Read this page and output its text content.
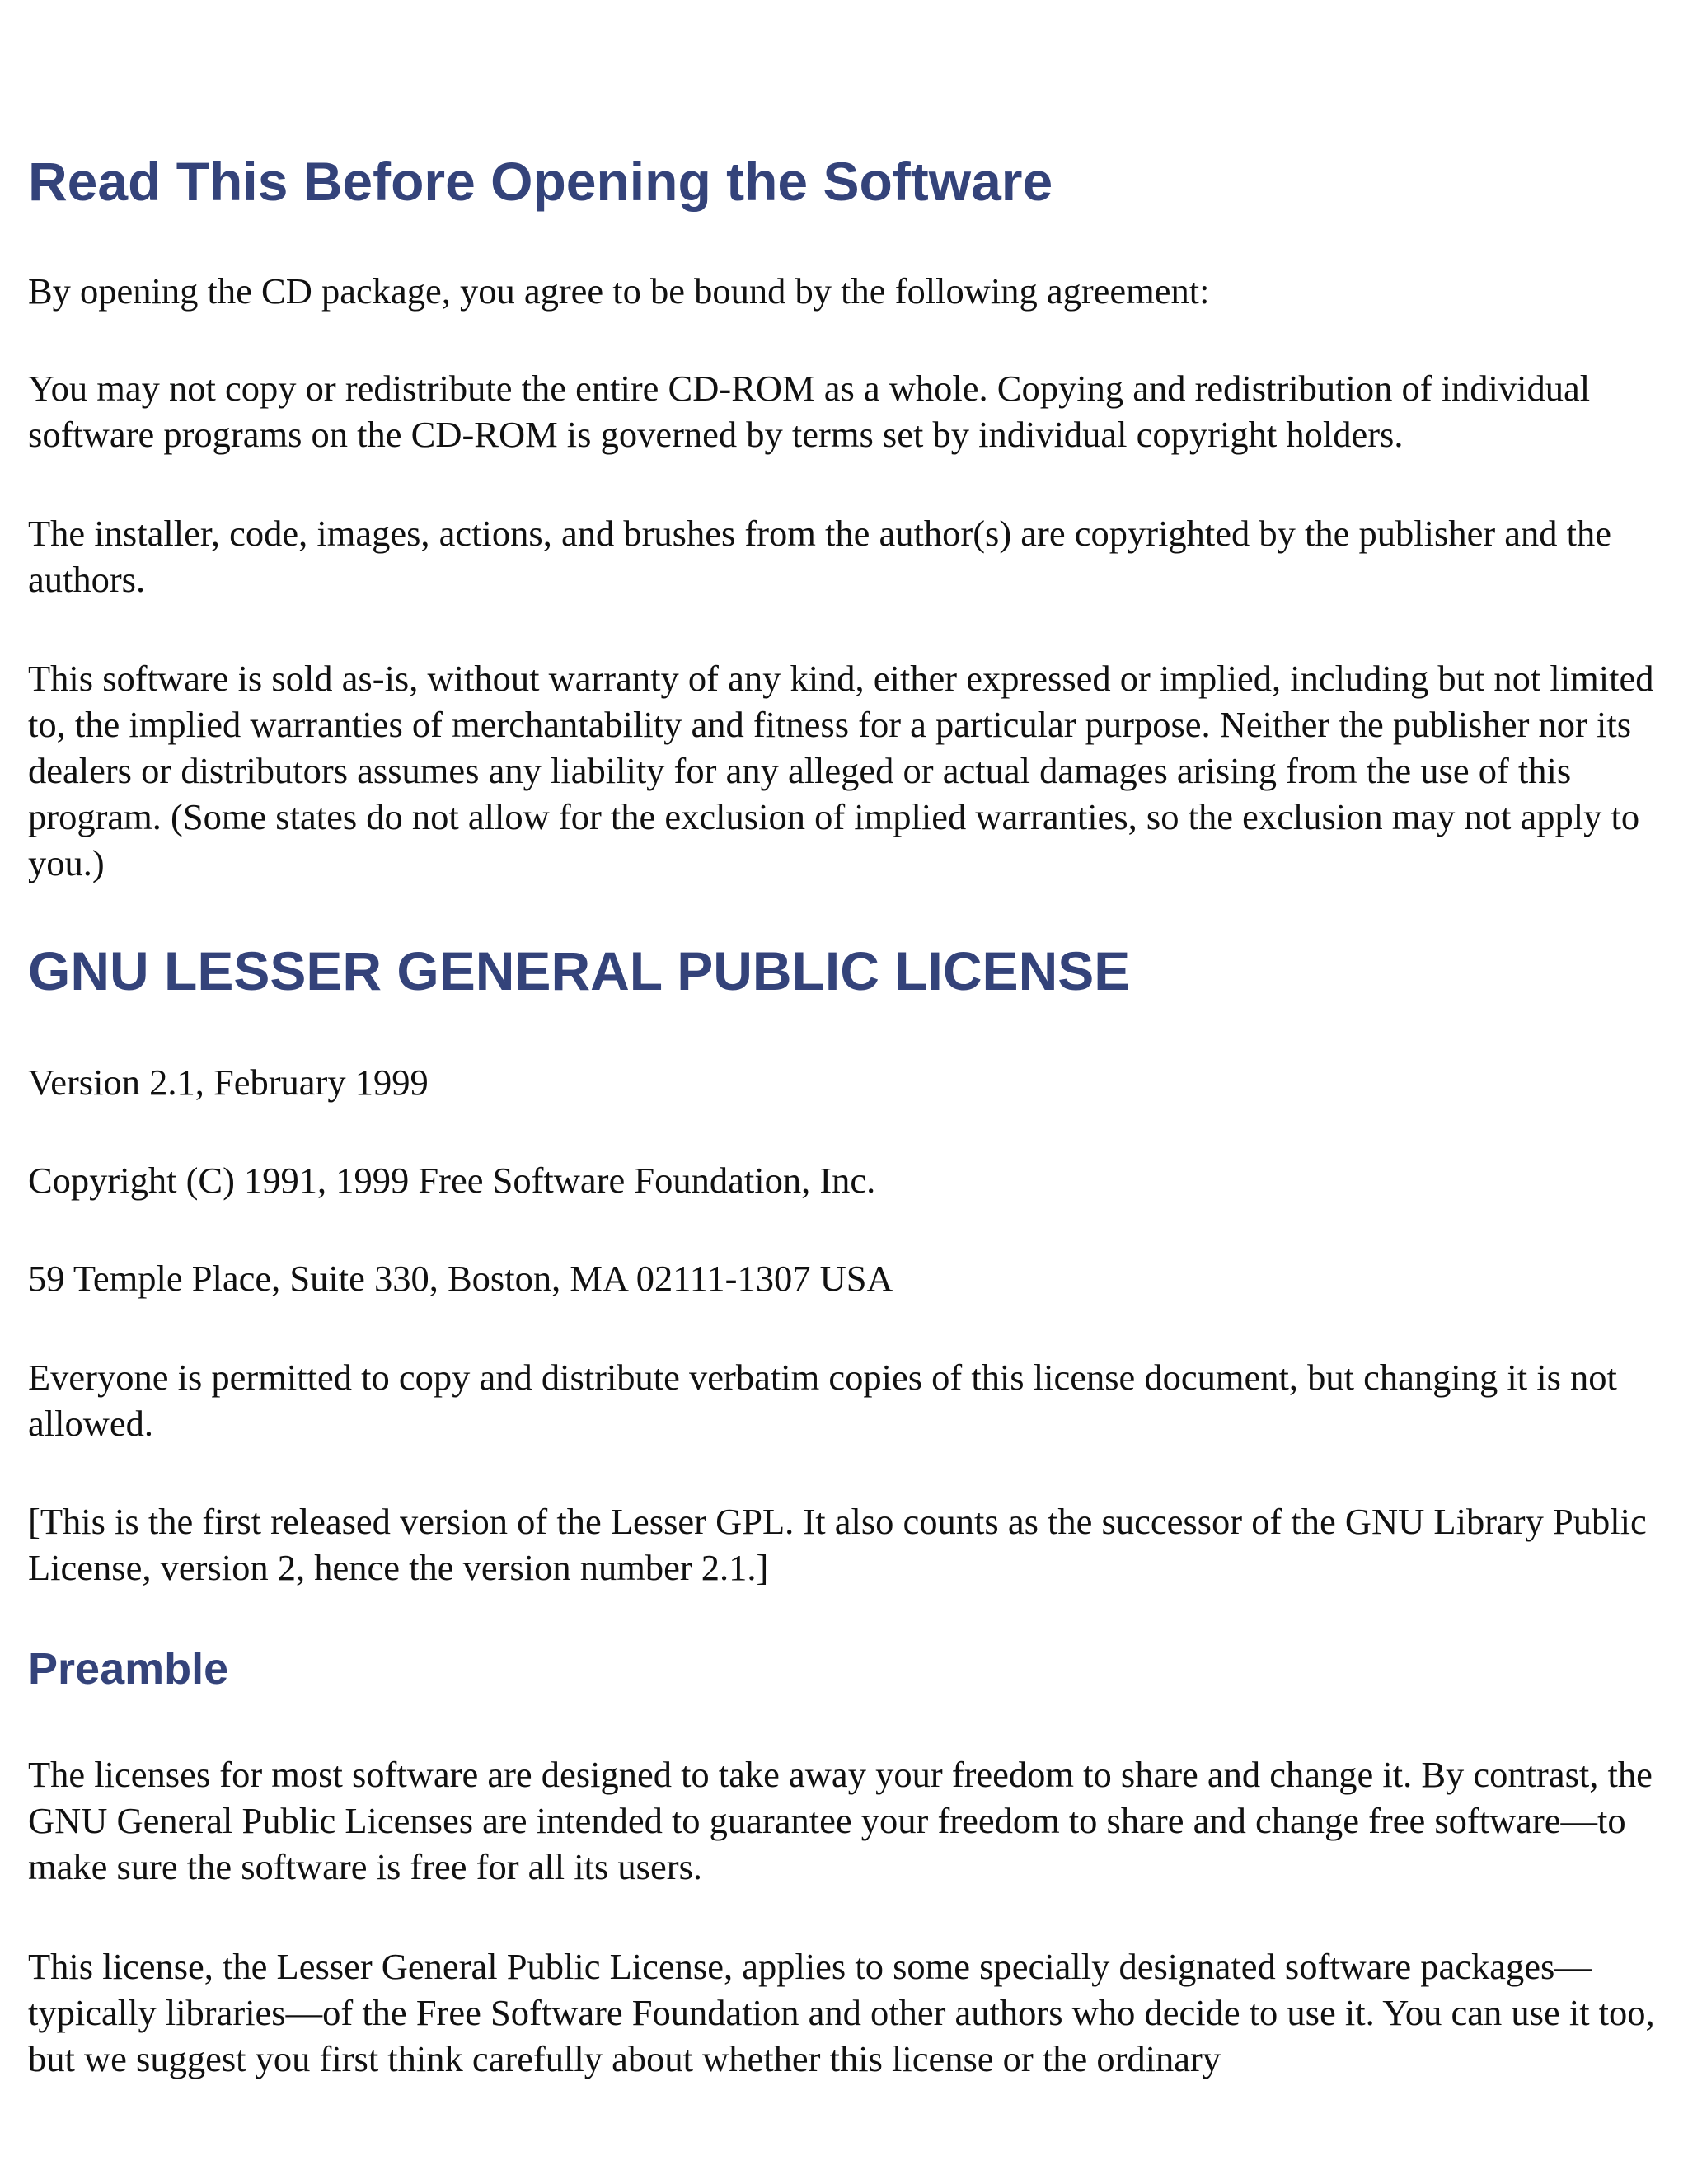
Read This Before Opening the Software

By opening the CD package, you agree to be bound by the following agreement:

You may not copy or redistribute the entire CD-ROM as a whole. Copying and redistribution of individual software programs on the CD-ROM is governed by terms set by individual copyright holders.

The installer, code, images, actions, and brushes from the author(s) are copyrighted by the publisher and the authors.

This software is sold as-is, without warranty of any kind, either expressed or implied, including but not limited to, the implied warranties of merchantability and fitness for a particular purpose. Neither the publisher nor its dealers or distributors assumes any liability for any alleged or actual damages arising from the use of this program. (Some states do not allow for the exclusion of implied warranties, so the exclusion may not apply to you.)

GNU LESSER GENERAL PUBLIC LICENSE

Version 2.1, February 1999

Copyright (C) 1991, 1999 Free Software Foundation, Inc.

59 Temple Place, Suite 330, Boston, MA 02111-1307 USA

Everyone is permitted to copy and distribute verbatim copies of this license document, but changing it is not allowed.

[This is the first released version of the Lesser GPL. It also counts as the successor of the GNU Library Public License, version 2, hence the version number 2.1.]

Preamble

The licenses for most software are designed to take away your freedom to share and change it. By contrast, the GNU General Public Licenses are intended to guarantee your freedom to share and change free software—to make sure the software is free for all its users.

This license, the Lesser General Public License, applies to some specially designated software packages—typically libraries—of the Free Software Foundation and other authors who decide to use it. You can use it too, but we suggest you first think carefully about whether this license or the ordinary
